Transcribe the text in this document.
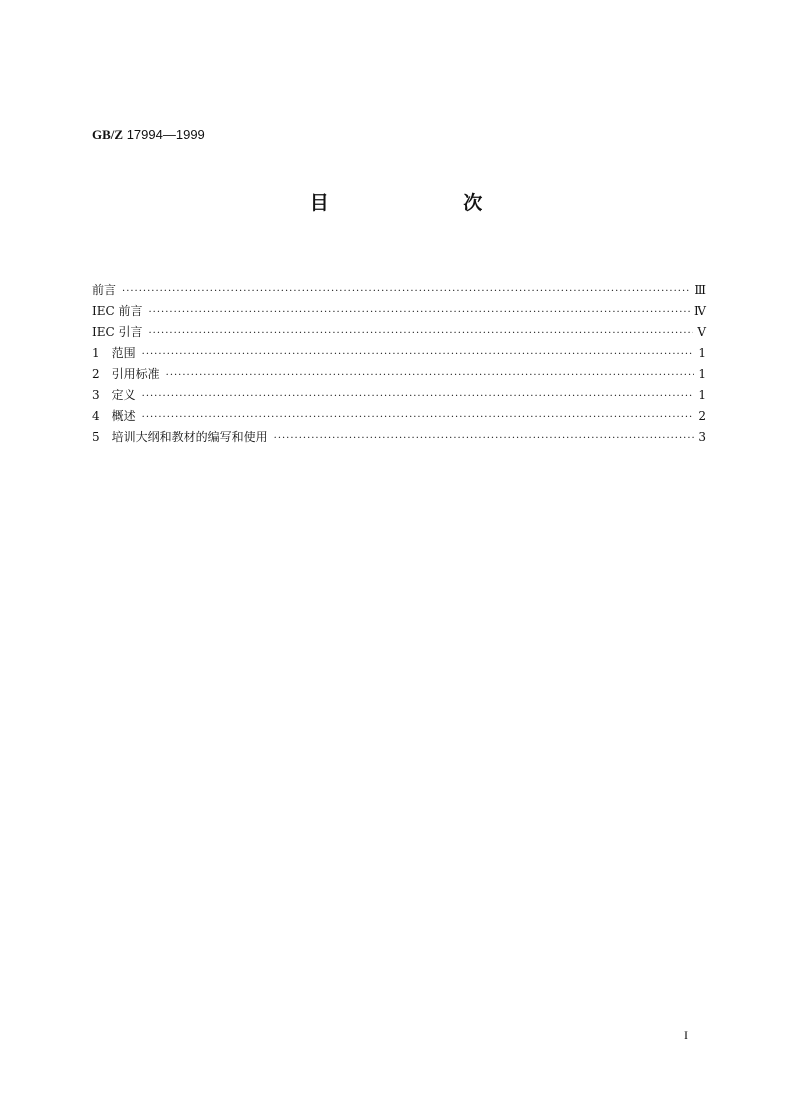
GB/Z 17994—1999
目 次
前言 ·····	Ⅲ
IEC 前言 ·····	Ⅳ
IEC 引言 ·····	Ⅴ
1　范围 ·····	1
2　引用标准 ·····	1
3　定义 ·····	1
4　概述 ·····	2
5　培训大纲和教材的编写和使用 ·····	3
I
